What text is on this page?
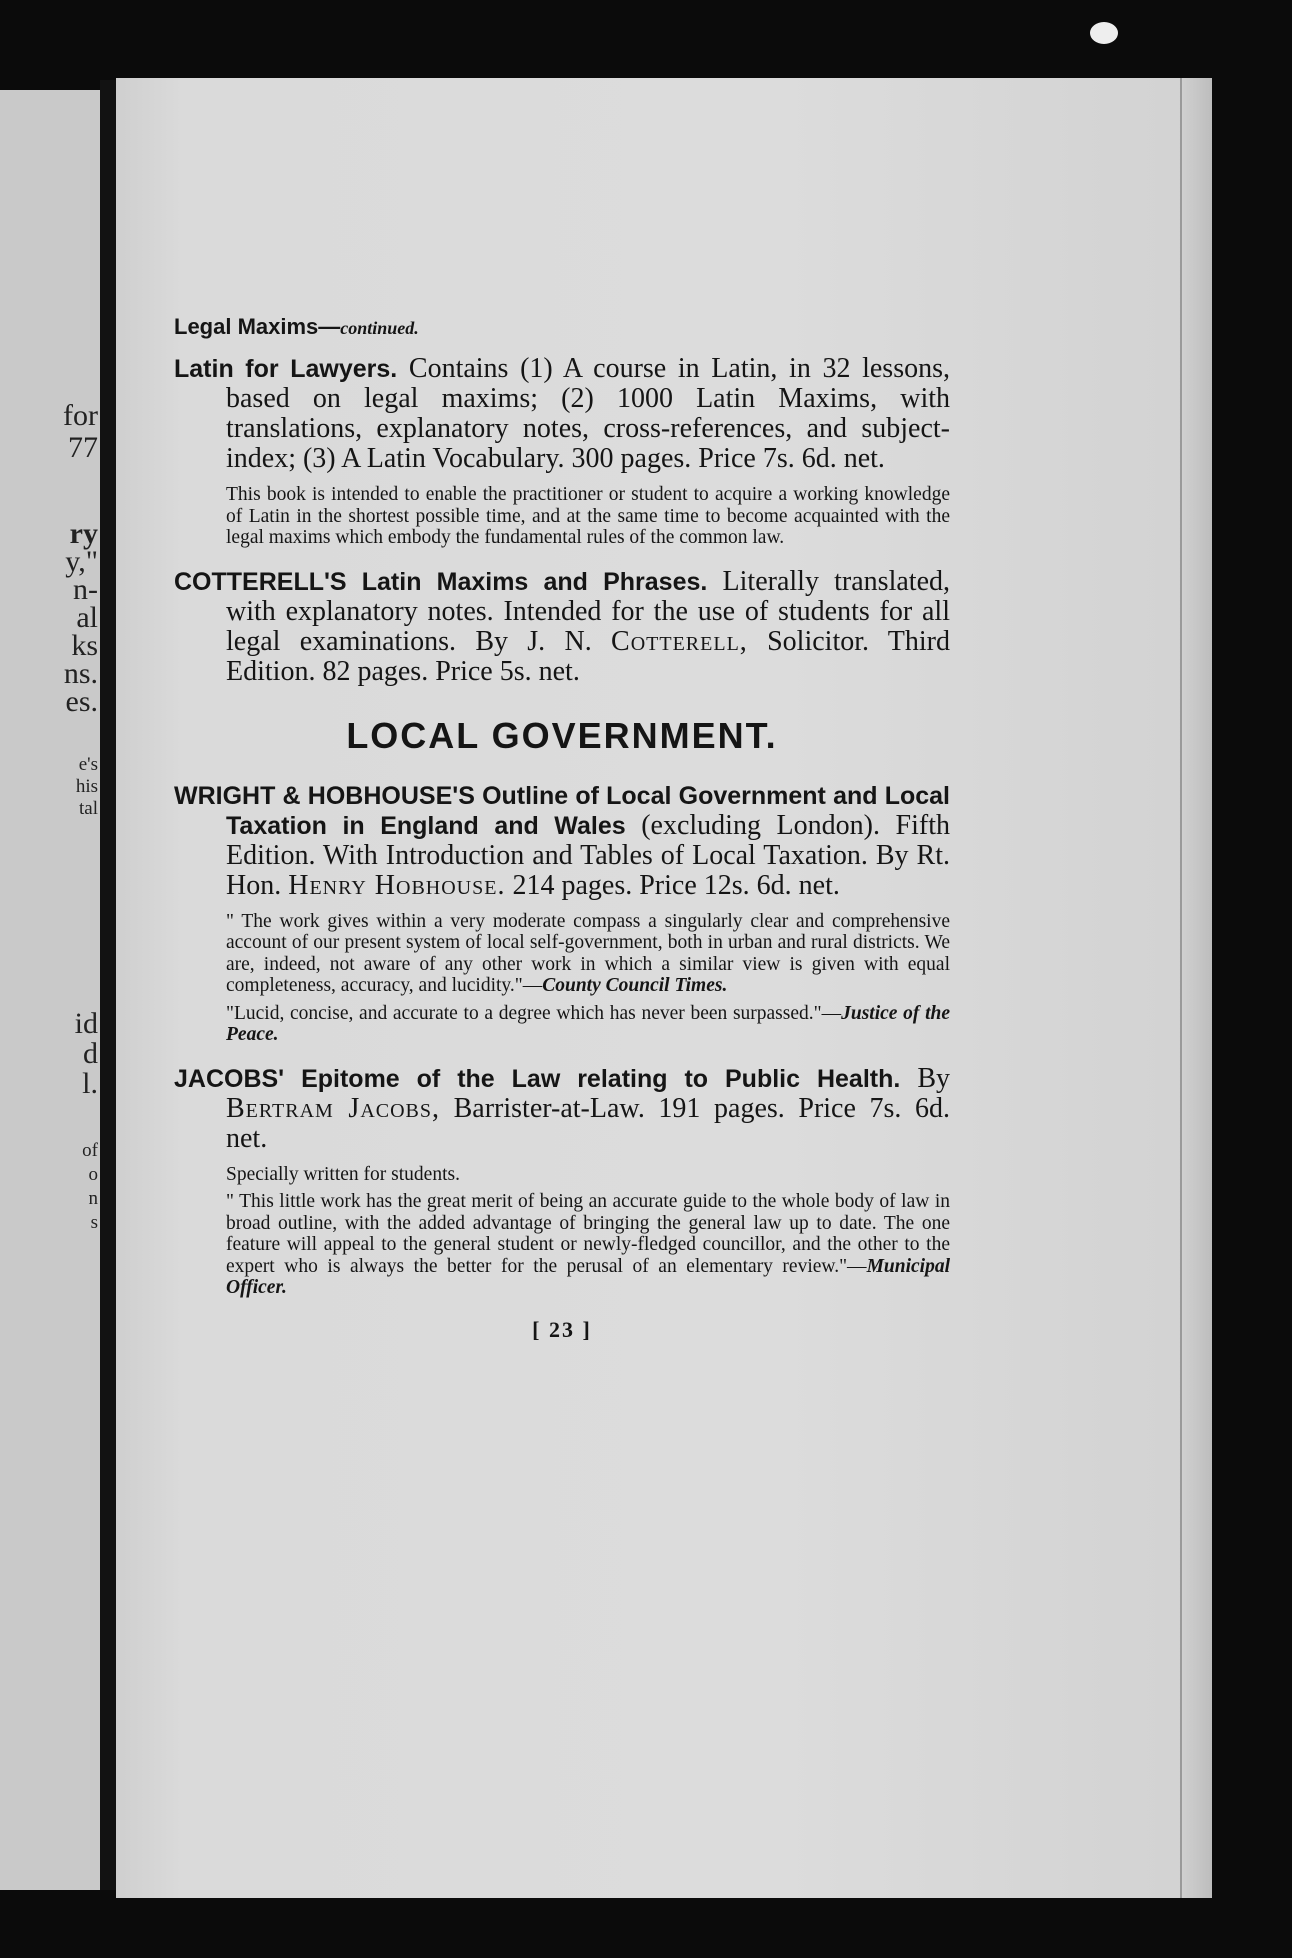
for
77
ry
y,"
n-
al
ks
ns.
es.
e's
his
tal
id
d
l.
of
o
n
s
Legal Maxims—continued.
Latin for Lawyers. Contains (1) A course in Latin, in 32 lessons, based on legal maxims; (2) 1000 Latin Maxims, with translations, explanatory notes, cross-references, and subject-index; (3) A Latin Vocabulary. 300 pages. Price 7s. 6d. net.
This book is intended to enable the practitioner or student to acquire a working knowledge of Latin in the shortest possible time, and at the same time to become acquainted with the legal maxims which embody the fundamental rules of the common law.
COTTERELL'S Latin Maxims and Phrases. Literally translated, with explanatory notes. Intended for the use of students for all legal examinations. By J. N. Cotterell, Solicitor. Third Edition. 82 pages. Price 5s. net.
LOCAL GOVERNMENT.
WRIGHT & HOBHOUSE'S Outline of Local Government and Local Taxation in England and Wales (excluding London). Fifth Edition. With Introduction and Tables of Local Taxation. By Rt. Hon. Henry Hobhouse. 214 pages. Price 12s. 6d. net.
" The work gives within a very moderate compass a singularly clear and comprehensive account of our present system of local self-government, both in urban and rural districts. We are, indeed, not aware of any other work in which a similar view is given with equal completeness, accuracy, and lucidity."—County Council Times.
"Lucid, concise, and accurate to a degree which has never been surpassed."—Justice of the Peace.
JACOBS' Epitome of the Law relating to Public Health. By Bertram Jacobs, Barrister-at-Law. 191 pages. Price 7s. 6d. net.
Specially written for students.
" This little work has the great merit of being an accurate guide to the whole body of law in broad outline, with the added advantage of bringing the general law up to date. The one feature will appeal to the general student or newly-fledged councillor, and the other to the expert who is always the better for the perusal of an elementary review."—Municipal Officer.
[ 23 ]
